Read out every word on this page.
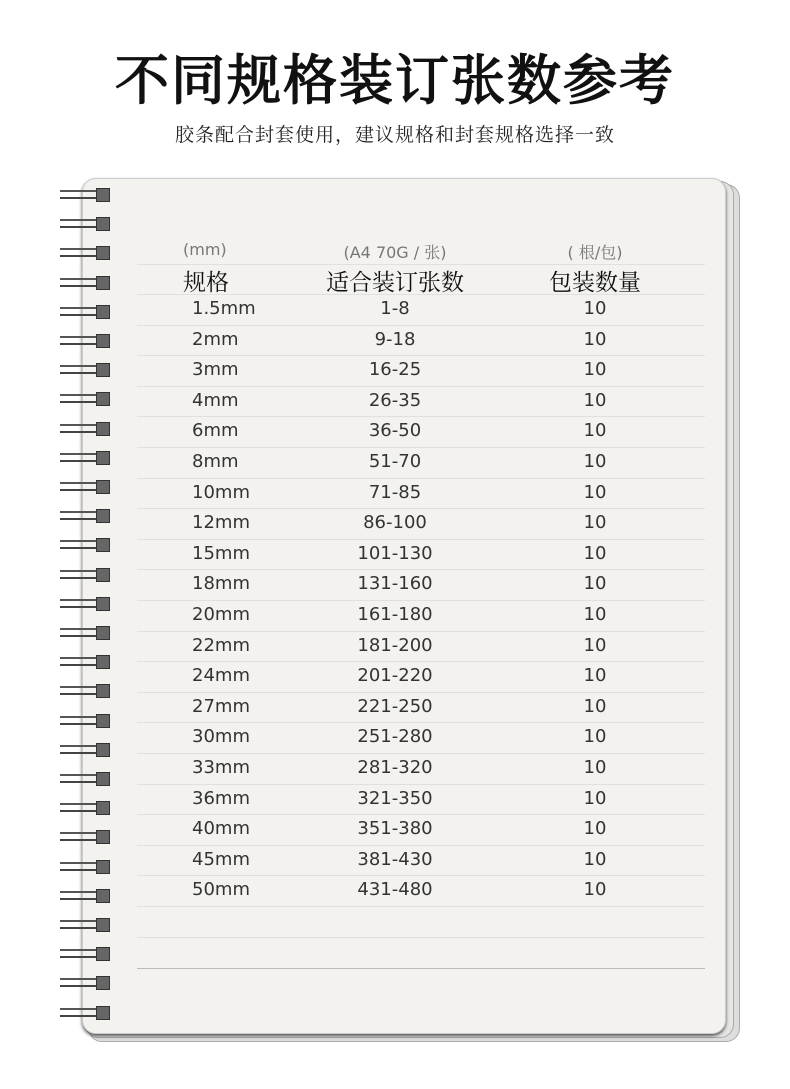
不同规格装订张数参考
胶条配合封套使用，建议规格和封套规格选择一致
(mm)	(A4 70G / 张)	( 根/包)
规格	适合装订张数	包装数量
1.5mm	1-8	10
2mm	9-18	10
3mm	16-25	10
4mm	26-35	10
6mm	36-50	10
8mm	51-70	10
10mm	71-85	10
12mm	86-100	10
15mm	101-130	10
18mm	131-160	10
20mm	161-180	10
22mm	181-200	10
24mm	201-220	10
27mm	221-250	10
30mm	251-280	10
33mm	281-320	10
36mm	321-350	10
40mm	351-380	10
45mm	381-430	10
50mm	431-480	10
